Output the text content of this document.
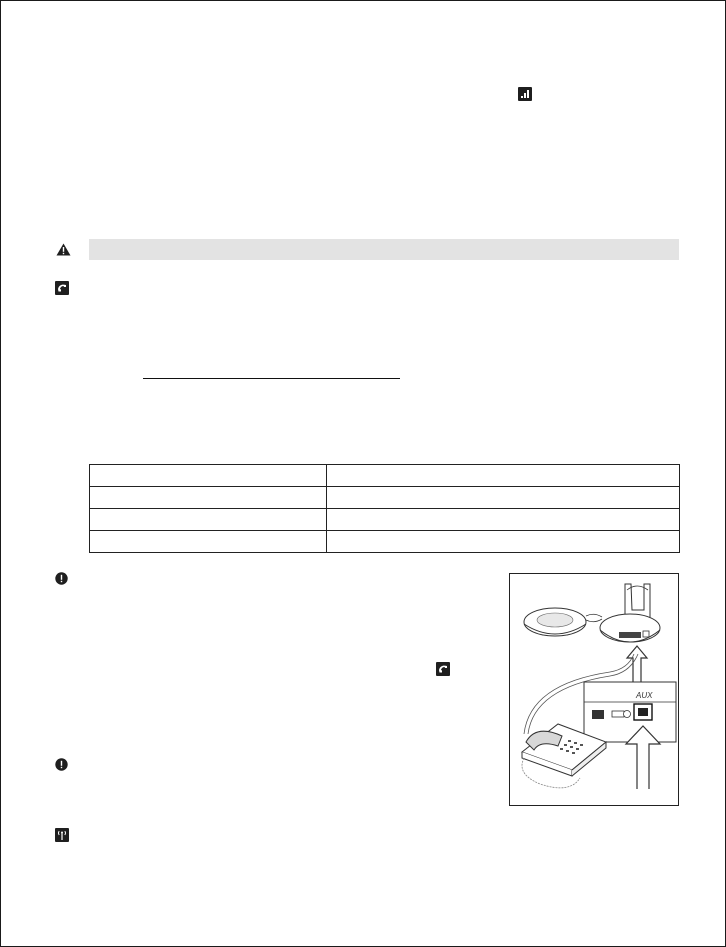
AUX
